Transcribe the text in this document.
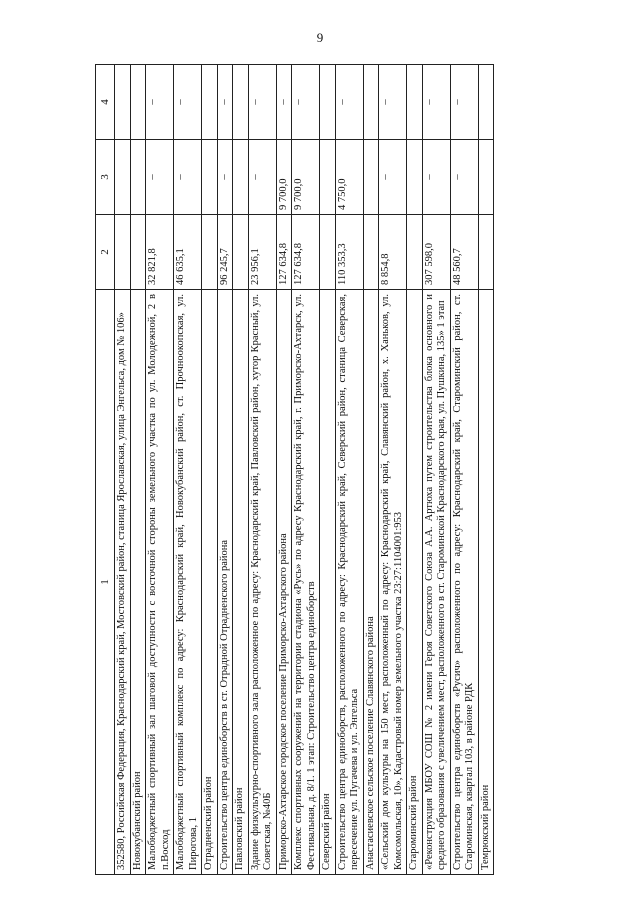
9
1	2	3	4
352580, Российская Федерация, Краснодарский край, Мостовский район, станица Ярославская, улица Энгельса, дом № 106»			
Новокубанский район			
Малобюджетный спортивный зал шаговой доступности с восточной стороны земельного участка по ул. Молодежной, 2 в п.Восход	32 821,8	–	–
Малобюджетный спортивный комплекс по адресу: Краснодарский край, Новокубанский район, ст. Прочноокопская, ул. Пирогова, 1	46 635,1	–	–
Отрадненский район			
Строительство центра единоборств в ст. Отрадной Отрадненского района	96 245,7	–	–
Павловский район			
Здание физкультурно-спортивного зала расположенное по адресу: Краснодарский край, Павловский район, хутор Красный, ул. Советская, №40Б	23 956,1	–	–
Приморско-Ахтарское городское поселение Приморско-Ахтарского района	127 634,8	9 700,0	–
Комплекс спортивных сооружений на территории стадиона «Русь» по адресу Краснодарский край, г. Приморско-Ахтарск, ул. Фестивальная, д. 8/1. 1 этап: Строительство центра единоборств	127 634,8	9 700,0	–
Северский район			
Строительство центра единоборств, расположенного по адресу: Краснодарский край, Северский район, станица Северская, пересечение ул. Пугачева и ул. Энгельса	110 353,3	4 750,0	–
Анастасиевское сельское поселение Славянского района			
«Сельский дом культуры на 150 мест, расположенный по адресу: Краснодарский край, Славянский район, х. Ханьков, ул. Комсомольская, 10», Кадастровый номер земельного участка 23:27:1104001:953	8 854,8	–	–
Староминский район			
«Реконструкция МБОУ СОШ № 2 имени Героя Советского Союза А.А. Артюха путем строительства блока основного и среднего образования с увеличением мест, расположенного в ст. Староминской Краснодарского края, ул. Пушкина, 135» 1 этап	307 598,0	–	–
Строительство центра единоборств «Русич» расположенного по адресу: Краснодарский край, Староминский район, ст. Староминская, квартал 103, в районе РДК	48 560,7	–	–
Темрюкский район			
